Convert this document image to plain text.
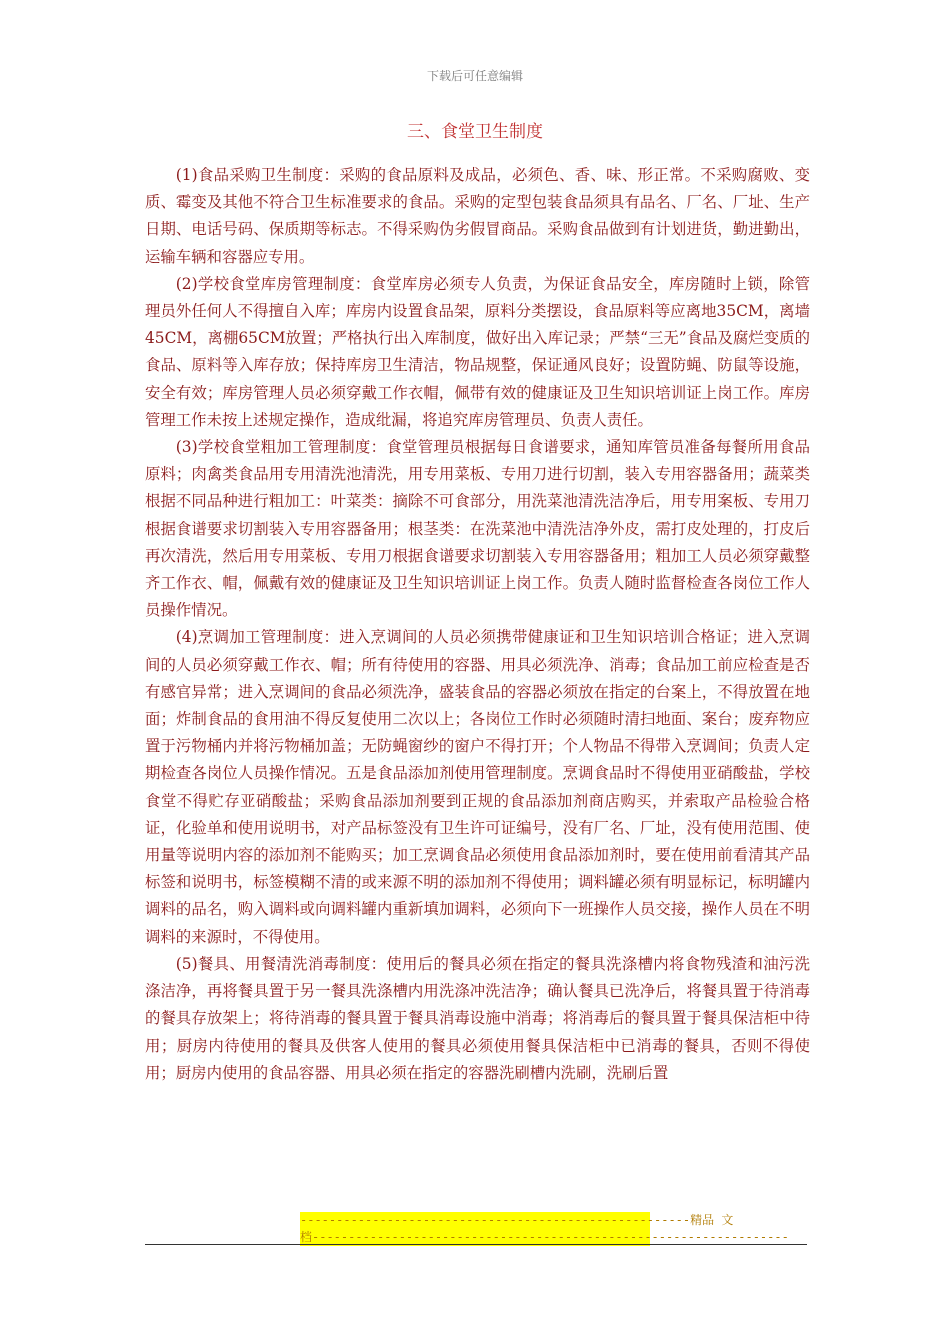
下载后可任意编辑
三、食堂卫生制度

(1)食品采购卫生制度：采购的食品原料及成品，必须色、香、味、形正常。不采购腐败、变质、霉变及其他不符合卫生标准要求的食品。采购的定型包装食品须具有品名、厂名、厂址、生产日期、电话号码、保质期等标志。不得采购伪劣假冒商品。采购食品做到有计划进货，勤进勤出，运输车辆和容器应专用。

(2)学校食堂库房管理制度：食堂库房必须专人负责，为保证食品安全，库房随时上锁，除管理员外任何人不得擅自入库；库房内设置食品架，原料分类摆设，食品原料等应离地35CM，离墙45CM，离棚65CM放置；严格执行出入库制度，做好出入库记录；严禁“三无”食品及腐烂变质的食品、原料等入库存放；保持库房卫生清洁，物品规整，保证通风良好；设置防蝇、防鼠等设施，安全有效；库房管理人员必须穿戴工作衣帽，佩带有效的健康证及卫生知识培训证上岗工作。库房管理工作未按上述规定操作，造成纰漏，将追究库房管理员、负责人责任。

(3)学校食堂粗加工管理制度：食堂管理员根据每日食谱要求，通知库管员准备每餐所用食品原料；肉禽类食品用专用清洗池清洗，用专用菜板、专用刀进行切割，装入专用容器备用；蔬菜类根据不同品种进行粗加工：叶菜类：摘除不可食部分，用洗菜池清洗洁净后，用专用案板、专用刀根据食谱要求切割装入专用容器备用；根茎类：在洗菜池中清洗洁净外皮，需打皮处理的，打皮后再次清洗，然后用专用菜板、专用刀根据食谱要求切割装入专用容器备用；粗加工人员必须穿戴整齐工作衣、帽，佩戴有效的健康证及卫生知识培训证上岗工作。负责人随时监督检查各岗位工作人员操作情况。

(4)烹调加工管理制度：进入烹调间的人员必须携带健康证和卫生知识培训合格证；进入烹调间的人员必须穿戴工作衣、帽；所有待使用的容器、用具必须洗净、消毒；食品加工前应检查是否有感官异常；进入烹调间的食品必须洗净，盛装食品的容器必须放在指定的台案上，不得放置在地面；炸制食品的食用油不得反复使用二次以上；各岗位工作时必须随时清扫地面、案台；废弃物应置于污物桶内并将污物桶加盖；无防蝇窗纱的窗户不得打开；个人物品不得带入烹调间；负责人定期检查各岗位人员操作情况。五是食品添加剂使用管理制度。烹调食品时不得使用亚硝酸盐，学校食堂不得贮存亚硝酸盐；采购食品添加剂要到正规的食品添加剂商店购买，并索取产品检验合格证，化验单和使用说明书，对产品标签没有卫生许可证编号，没有厂名、厂址，没有使用范围、使用量等说明内容的添加剂不能购买；加工烹调食品必须使用食品添加剂时，要在使用前看清其产品标签和说明书，标签模糊不清的或来源不明的添加剂不得使用；调料罐必须有明显标记，标明罐内调料的品名，购入调料或向调料罐内重新填加调料，必须向下一班操作人员交接，操作人员在不明调料的来源时，不得使用。

(5)餐具、用餐清洗消毒制度：使用后的餐具必须在指定的餐具洗涤槽内将食物残渣和油污洗涤洁净，再将餐具置于另一餐具洗涤槽内用洗涤冲洗洁净；确认餐具已洗净后，将餐具置于待消毒的餐具存放架上；将待消毒的餐具置于餐具消毒设施中消毒；将消毒后的餐具置于餐具保洁柜中待用；厨房内待使用的餐具及供客人使用的餐具必须使用餐具保洁柜中已消毒的餐具，否则不得使用；厨房内使用的食品容器、用具必须在指定的容器洗刷槽内洗刷，洗刷后置

------------------------------------------------------精品 文

档------------------------------------------------------------------
